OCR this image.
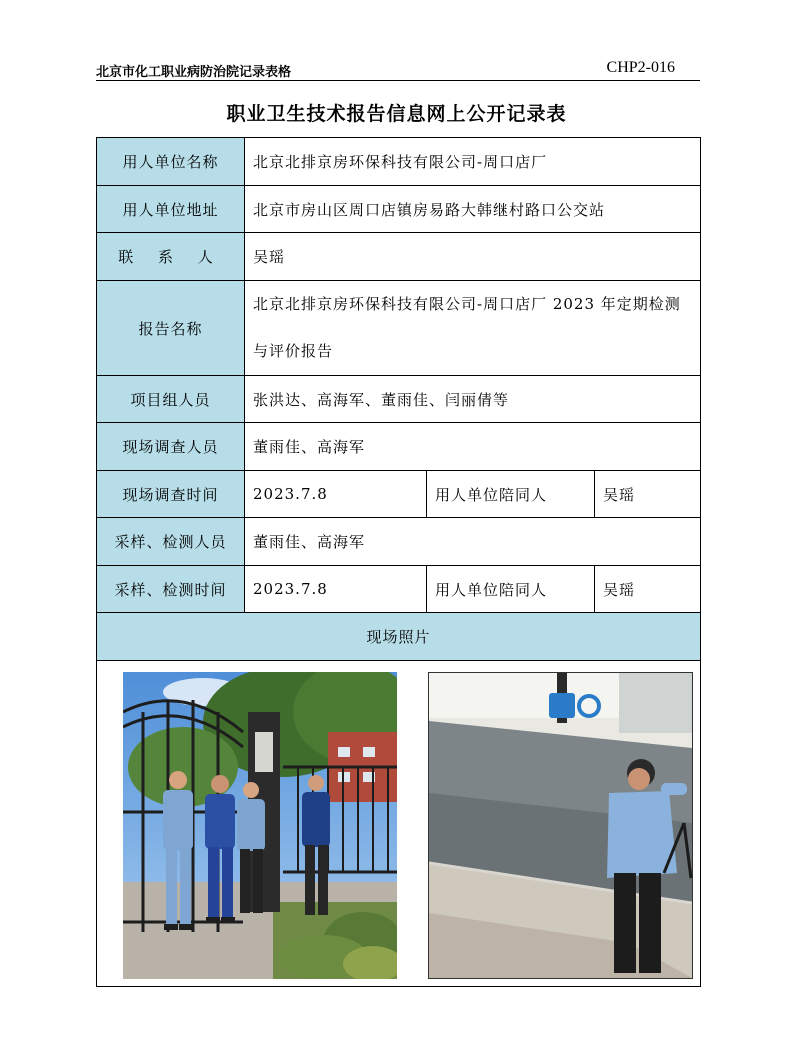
北京市化工职业病防治院记录表格	CHP2-016
职业卫生技术报告信息网上公开记录表
用人单位名称	北京北排京房环保科技有限公司-周口店厂		
用人单位地址	北京市房山区周口店镇房易路大韩继村路口公交站		
联 系 人	吴瑶		
报告名称	北京北排京房环保科技有限公司-周口店厂 2023 年定期检测与评价报告		
项目组人员	张洪达、高海军、董雨佳、闫丽倩等		
现场调查人员	董雨佳、高海军		
现场调查时间	2023.7.8	用人单位陪同人	吴瑶
采样、检测人员	董雨佳、高海军		
采样、检测时间	2023.7.8	用人单位陪同人	吴瑶
现场照片			
